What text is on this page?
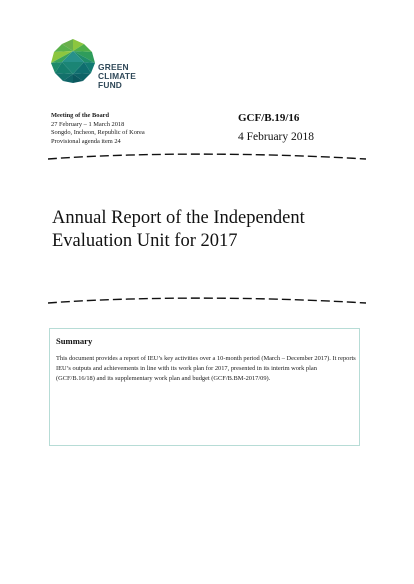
GREEN
CLIMATE
FUND
Meeting of the Board
27 February – 1 March 2018
Songdo, Incheon, Republic of Korea
Provisional agenda item 24
GCF/B.19/16
4 February 2018
Annual Report of the Independent
Evaluation Unit for 2017
Summary
This document provides a report of IEU’s key activities over a 10-month period (March – December 2017). It reports IEU’s outputs and achievements in line with its work plan for 2017, presented in its interim work plan (GCF/B.16/18) and its supplementary work plan and budget (GCF/B.BM-2017/09).
